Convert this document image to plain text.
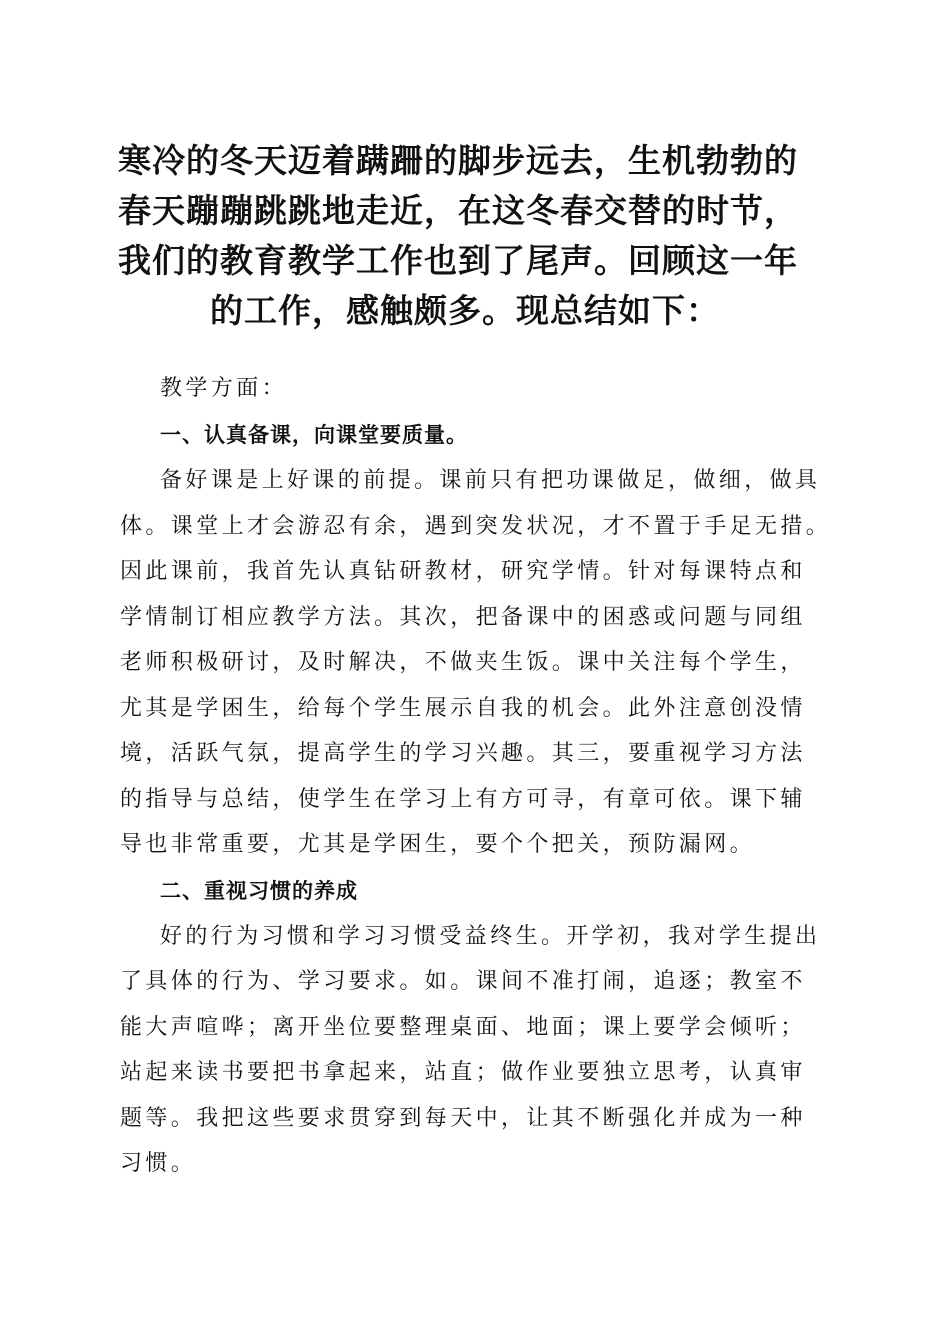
寒冷的冬天迈着蹒跚的脚步远去，生机勃勃的
春天蹦蹦跳跳地走近，在这冬春交替的时节，
我们的教育教学工作也到了尾声。回顾这一年
的工作，感触颇多。现总结如下：
教学方面：
一、认真备课，向课堂要质量。
备好课是上好课的前提。课前只有把功课做足，做细，做具
体。课堂上才会游忍有余，遇到突发状况，才不置于手足无措。
因此课前，我首先认真钻研教材，研究学情。针对每课特点和
学情制订相应教学方法。其次，把备课中的困惑或问题与同组
老师积极研讨，及时解决，不做夹生饭。课中关注每个学生，
尤其是学困生，给每个学生展示自我的机会。此外注意创没情
境，活跃气氛，提高学生的学习兴趣。其三，要重视学习方法
的指导与总结，使学生在学习上有方可寻，有章可依。课下辅
导也非常重要，尤其是学困生，要个个把关，预防漏网。
二、重视习惯的养成
好的行为习惯和学习习惯受益终生。开学初，我对学生提出
了具体的行为、学习要求。如。课间不准打闹，追逐；教室不
能大声喧哗；离开坐位要整理桌面、地面；课上要学会倾听；
站起来读书要把书拿起来，站直；做作业要独立思考，认真审
题等。我把这些要求贯穿到每天中，让其不断强化并成为一种
习惯。
